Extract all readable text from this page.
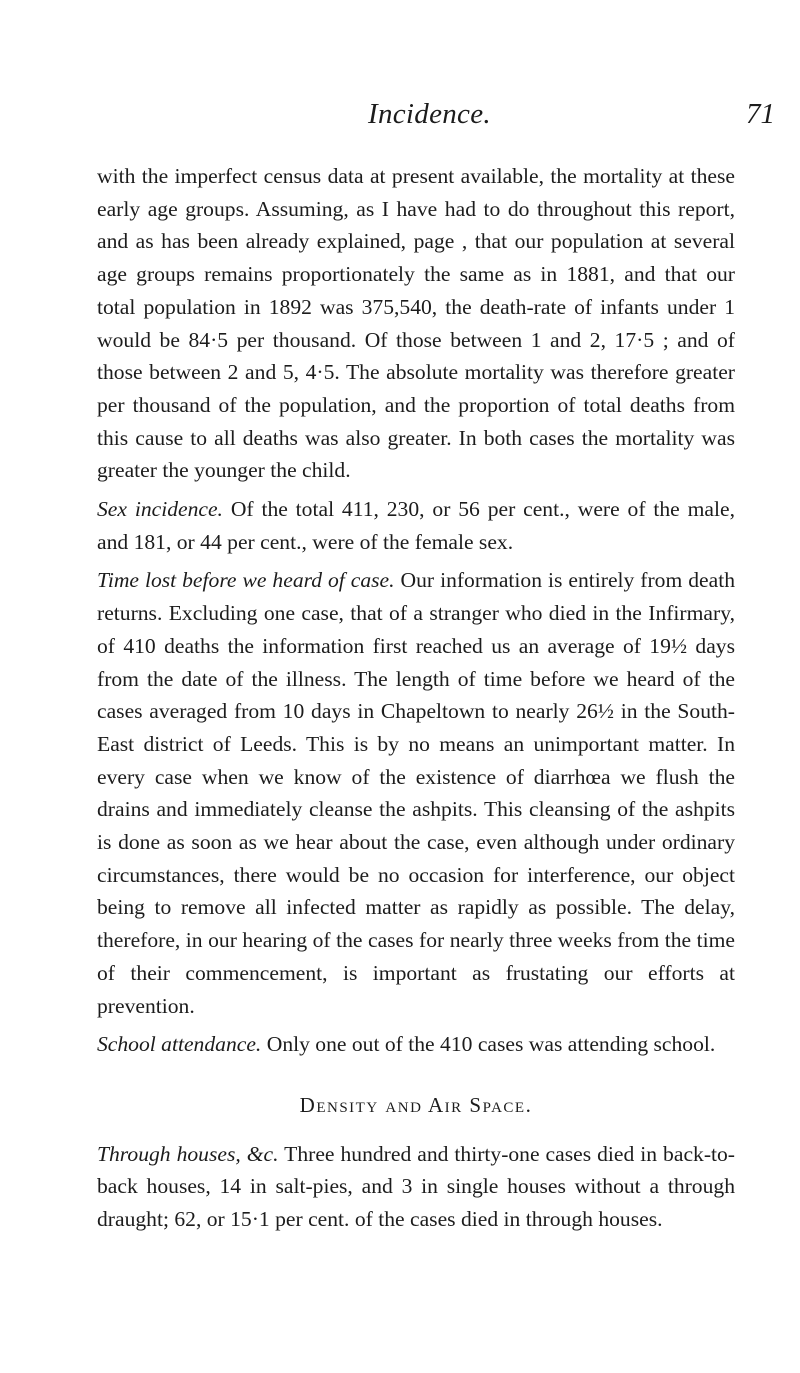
Incidence.	71

with the imperfect census data at present available, the mortality at these early age groups. Assuming, as I have had to do throughout this report, and as has been already explained, page , that our population at several age groups remains proportionately the same as in 1881, and that our total population in 1892 was 375,540, the death-rate of infants under 1 would be 84·5 per thousand. Of those between 1 and 2, 17·5 ; and of those between 2 and 5, 4·5. The absolute mortality was therefore greater per thousand of the population, and the proportion of total deaths from this cause to all deaths was also greater. In both cases the mortality was greater the younger the child.

Sex incidence. Of the total 411, 230, or 56 per cent., were of the male, and 181, or 44 per cent., were of the female sex.

Time lost before we heard of case. Our information is entirely from death returns. Excluding one case, that of a stranger who died in the Infirmary, of 410 deaths the information first reached us an average of 19½ days from the date of the illness. The length of time before we heard of the cases averaged from 10 days in Chapeltown to nearly 26½ in the South-East district of Leeds. This is by no means an unimportant matter. In every case when we know of the existence of diarrhœa we flush the drains and immediately cleanse the ashpits. This cleansing of the ashpits is done as soon as we hear about the case, even although under ordinary circumstances, there would be no occasion for interference, our object being to remove all infected matter as rapidly as possible. The delay, therefore, in our hearing of the cases for nearly three weeks from the time of their commencement, is important as frustating our efforts at prevention.

School attendance. Only one out of the 410 cases was attending school.

Density and Air Space.

Through houses, &c. Three hundred and thirty-one cases died in back-to-back houses, 14 in salt-pies, and 3 in single houses without a through draught; 62, or 15·1 per cent. of the cases died in through houses.
